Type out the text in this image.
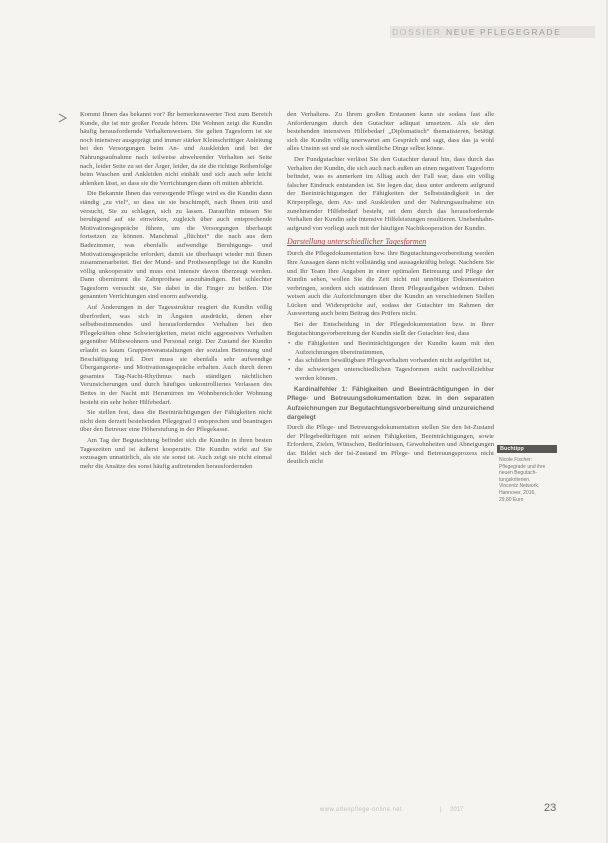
DOSSIER NEUE PFLEGEGRADE

Kommt Ihnen das bekannt vor? Ihr bemerkenswerter Text zum Bereich Kunde, die ist mir großer Freude hören. Die Wohnen zeigt die Kundin häufig herausfordernde Verhaltensweisen. Sie gelten Tagesform ist sie noch intensiver ausgeprägt und immer stärker Kleinschrittiger Anleitung bei den Versorgungen beim An- und Auskleiden und bei der Nahrungsaufnahme nach teilweise abwehrender Verhalten sei Seite nach, leider Seite zu sei der Ärger, leider, da sie die richtige Reihenfolge beim Waschen und Ankleiden nicht einhält und sich auch sehr leicht ablenken lässt, so dass sie die Verrichtungen dann oft mitten abbricht.

Die Bekannte Ihnen das versorgende Pflege wird es die Kundin dann ständig „zu viel“, so dass sie sie beschimpft, nach Ihnen tritt und versucht, Sie zu schlagen, sich zu lassen. Daraufhin müssen Sie beruhigend auf sie einwirken, zugleich über auch entsprechende Motivationsgespräche führen, um die Versorgungen überhaupt fortsetzen zu können. Manchmal „flüchtet“ die nach aus dem Badezimmer, was ebenfalls aufwendige Beruhigungs- und Motivationsgespräche erfordert, damit sie überhaupt wieder mit Ihnen zusammenarbeitet. Bei der Mund- und Prothesenpflege ist die Kundin völlig unkooperativ und muss erst intensiv davon überzeugt werden. Dann übernimmt die Zahnprothese auszuhändigen. Bei schlechter Tagesform versucht sie, Sie dabei in die Finger zu beißen. Die genannten Verrichtungen sind enorm aufwendig.

Auf Änderungen in der Tagesstruktur reagiert die Kundin völlig überfordert, was sich in Ängsten ausdrückt, denen eher selbstbestimmendes und herausforderndes Verhalten bei den Pflegekräften ohne Schwierigkeiten, meist nicht aggressives Verhalten gegenüber Mitbewohnern und Personal zeigt. Der Zustand der Kundin erlaubt es kaum Gruppenveranstaltungen der sozialen Betreuung und Beschäftigung teil. Dort muss sie ebenfalls sehr aufwendige Übergangsorte- und Motivationsgespräche erhalten. Auch durch deren gesamtes Tag-Nacht-Rhythmus nach ständigen nächtlichen Verunsicherungen und durch häufiges unkontrolliertes Verlassen des Bettes in der Nacht mit Herumirren im Wohnbereich/der Wohnung besteht ein sehr hoher Hilfebedarf.

Sie stellen fest, dass die Beeinträchtigungen der Fähigkeiten nicht nicht dem derzeit bestehenden Pflegegrad 3 entsprechen und beantragen über den Betreuer eine Höherstufung in der Pflegekasse.

Am Tag der Begutachtung befindet sich die Kundin in ihren besten Tageszeiten und ist äußerst kooperativ. Die Kundin wirkt auf Sie sozusagen unnatürlich, als sie sie sonst ist. Auch zeigt sie nicht einmal mehr die Ansätze des sonst häufig auftretenden herausfordernden

den Verhaltens. Zu Ihrem großen Erstaunen kann sie sodass fast alle Anforderungen durch den Gutachter adäquat umsetzen. Als sie den bestehenden intensiven Hilfebedarf „Diplomatisch“ thematisieren, betätigt sich die Kundin völlig unerwartet am Gespräch und sagt, dass das ja wohl alles Unsinn sei und sie noch sämtliche Dinge selbst könne.

Der Fundgutachter verlässt Sie den Gutachter darauf hin, dass durch das Verhalten der Kundin, die sich auch nach außen an einen negativen Tagesform befindet, was es anmerken im Alltag auch der Fall war, dass ein völlig falscher Eindruck entstanden ist. Sie legen dar, dass unter anderem aufgrund der Beeinträchtigungen der Fähigkeiten der Selbstständigkeit in der Körperpflege, dem An- und Auskleiden und der Nahrungsaufnahme ein zunehmender Hilfebedarf besteht, sei dem durch das herausfordernde Verhalten der Kundin sehr intensive Hilfeleistungen resultieren. Unebenhahn-aufgrund von vorliegt auch mit der häufigen Nachtkooperation der Kundin.

Darstellung unterschiedlicher Tagesformen

Durch die Pflegedokumentation bzw. ihre Begutachtungsvorbereitung werden Ihre Aussagen dann nicht vollständig und aussagekräftig belegt. Nachdem Sie und Ihr Team Ihre Angaben in einer optimalen Betreuung und Pflege der Kundin sehen, wollen Sie die Zeit nicht mit unnötiger Dokumentation verbringen, sondern sich stattdessen Ihren Pflegeaufgaben widmen. Dabei weisen auch die Aufzeichnungen über die Kundin an verschiedenen Stellen Lücken und Widersprüche auf, sodass der Gutachter im Rahmen der Auswertung auch beim Beitrag des Prüfers nicht.

Bei der Entscheidung in der Pflegedokumentation bzw. in Ihrer Begutachtungsvorbereitung der Kundin stellt der Gutachter fest, dass

• die Fähigkeiten und Beeinträchtigungen der Kundin kaum mit den Aufzeichnungen übereinstimmen,
• das schildern bewältigbare Pflegeverhalten vorhanden nicht aufgeführt ist,
• die schwierigen unterschiedlichen Tagesformen nicht nachvollziehbar werden können.

Kardinalfehler 1: Fähigkeiten und Beeinträchtigungen in der Pflege- und Betreuungsdokumentation bzw. in den separaten Aufzeichnungen zur Begutachtungsvorbereitung sind unzureichend dargelegt

Durch die Pflege- und Betreuungsdokumentation stellen Sie den Ist-Zustand der Pflegebedürftigen mit seinen Fähigkeiten, Beeinträchtigungen, sowie Erfordern, Zielen, Wünschen, Bedürfnissen, Gewohnheiten und Abneigungen dar. Bildet sich der Ist-Zustand im Pflege- und Betreuungsprozess nicht deutlich nicht

Buchtipp
Nicole Fischer:
Pflegegrade und ihre
neuen Begutach-
tungskriterien.
Vincentz Network,
Hannover, 2016,
29,80 Euro
www.altenpflege-online.net	| 2017	23
